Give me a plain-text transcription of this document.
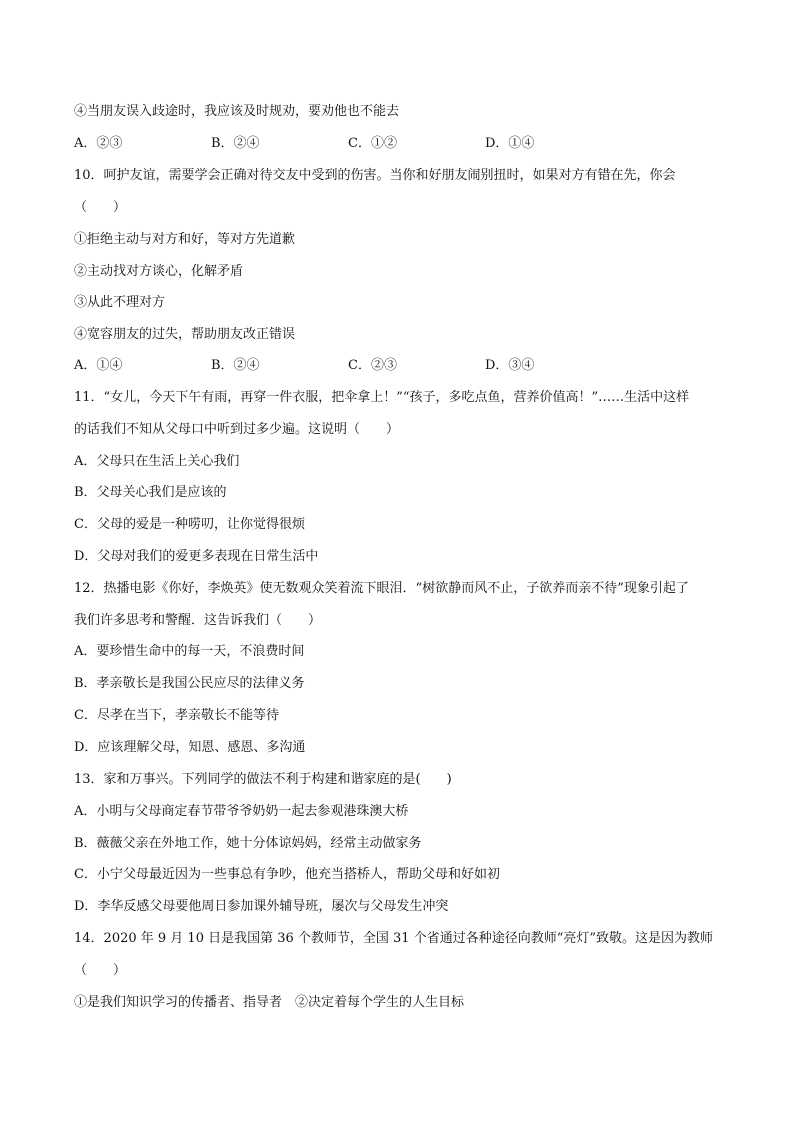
④当朋友误入歧途时，我应该及时规劝，要劝他也不能去
A．②③	B．②④	C．①②	D．①④
10．呵护友谊，需要学会正确对待交友中受到的伤害。当你和好朋友闹别扭时，如果对方有错在先，你会
（　　）
①拒绝主动与对方和好，等对方先道歉
②主动找对方谈心，化解矛盾
③从此不理对方
④宽容朋友的过失，帮助朋友改正错误
A．①④	B．②④	C．②③	D．③④
11．“女儿，今天下午有雨，再穿一件衣服，把伞拿上！”“孩子，多吃点鱼，营养价值高！”……生活中这样
的话我们不知从父母口中听到过多少遍。这说明（　　）
A．父母只在生活上关心我们
B．父母关心我们是应该的
C．父母的爱是一种唠叨，让你觉得很烦
D．父母对我们的爱更多表现在日常生活中
12．热播电影《你好，李焕英》使无数观众笑着流下眼泪．“树欲静而风不止，子欲养而亲不待”现象引起了
我们许多思考和警醒．这告诉我们（　　）
A．要珍惜生命中的每一天，不浪费时间
B．孝亲敬长是我国公民应尽的法律义务
C．尽孝在当下，孝亲敬长不能等待
D．应该理解父母，知恩、感恩、多沟通
13．家和万事兴。下列同学的做法不利于构建和谐家庭的是(　　)
A．小明与父母商定春节带爷爷奶奶一起去参观港珠澳大桥
B．薇薇父亲在外地工作，她十分体谅妈妈，经常主动做家务
C．小宁父母最近因为一些事总有争吵，他充当搭桥人，帮助父母和好如初
D．李华反感父母要他周日参加课外辅导班，屡次与父母发生冲突
14．2020 年 9 月 10 日是我国第 36 个教师节，全国 31 个省通过各种途径向教师“亮灯”致敬。这是因为教师
（　　）
①是我们知识学习的传播者、指导者　②决定着每个学生的人生目标
